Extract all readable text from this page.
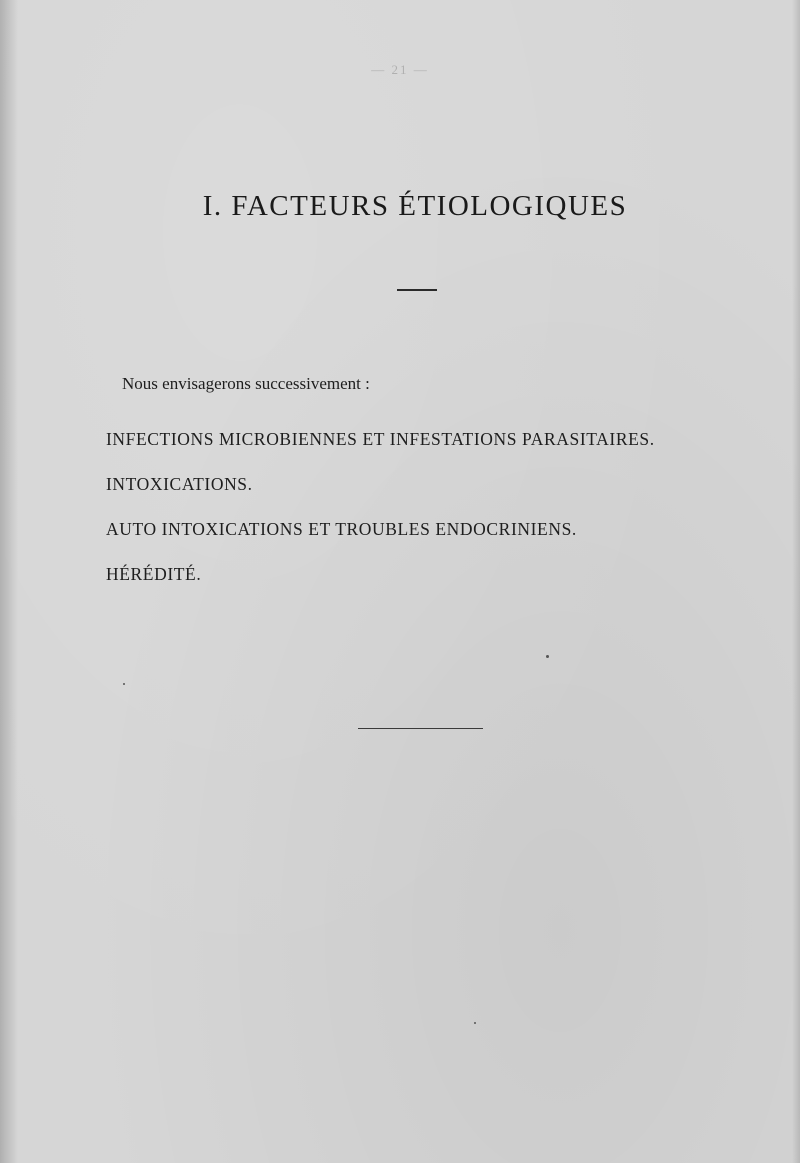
— 21 —
I. FACTEURS ÉTIOLOGIQUES

Nous envisagerons successivement :

INFECTIONS MICROBIENNES ET INFESTATIONS PARASITAIRES.
INTOXICATIONS.
AUTO INTOXICATIONS ET TROUBLES ENDOCRINIENS.
HÉRÉDITÉ.
